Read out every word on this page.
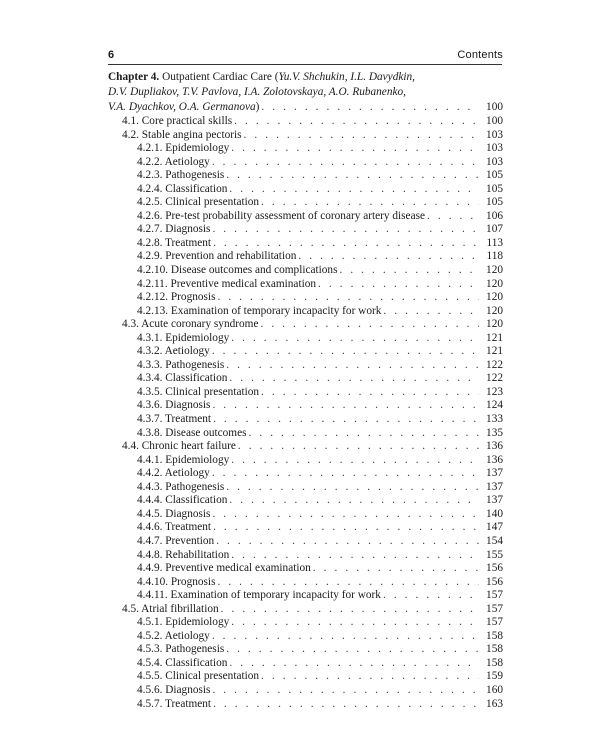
6	Contents
Chapter 4. Outpatient Cardiac Care (Yu.V. Shchukin, I.L. Davydkin,
D.V. Dupliakov, T.V. Pavlova, I.A. Zolotovskaya, A.O. Rubanenko,
V.A. Dyachkov, O.A. Germanova) . . .	100
4.1. Core practical skills . . .	100
4.2. Stable angina pectoris . . .	103
4.2.1. Epidemiology . . .	103
4.2.2. Aetiology . . .	103
4.2.3. Pathogenesis . . .	105
4.2.4. Classification . . .	105
4.2.5. Clinical presentation . . .	105
4.2.6. Pre-test probability assessment of coronary artery disease . . .	106
4.2.7. Diagnosis . . .	107
4.2.8. Treatment . . .	113
4.2.9. Prevention and rehabilitation . . .	118
4.2.10. Disease outcomes and complications . . .	120
4.2.11. Preventive medical examination . . .	120
4.2.12. Prognosis . . .	120
4.2.13. Examination of temporary incapacity for work . . .	120
4.3. Acute coronary syndrome . . .	120
4.3.1. Epidemiology . . .	121
4.3.2. Aetiology . . .	121
4.3.3. Pathogenesis . . .	122
4.3.4. Classification . . .	122
4.3.5. Clinical presentation . . .	123
4.3.6. Diagnosis . . .	124
4.3.7. Treatment . . .	133
4.3.8. Disease outcomes . . .	135
4.4. Chronic heart failure . . .	136
4.4.1. Epidemiology . . .	136
4.4.2. Aetiology . . .	137
4.4.3. Pathogenesis . . .	137
4.4.4. Classification . . .	137
4.4.5. Diagnosis . . .	140
4.4.6. Treatment . . .	147
4.4.7. Prevention . . .	154
4.4.8. Rehabilitation . . .	155
4.4.9. Preventive medical examination . . .	156
4.4.10. Prognosis . . .	156
4.4.11. Examination of temporary incapacity for work . . .	157
4.5. Atrial fibrillation . . .	157
4.5.1. Epidemiology . . .	157
4.5.2. Aetiology . . .	158
4.5.3. Pathogenesis . . .	158
4.5.4. Classification . . .	158
4.5.5. Clinical presentation . . .	159
4.5.6. Diagnosis . . .	160
4.5.7. Treatment . . .	163
